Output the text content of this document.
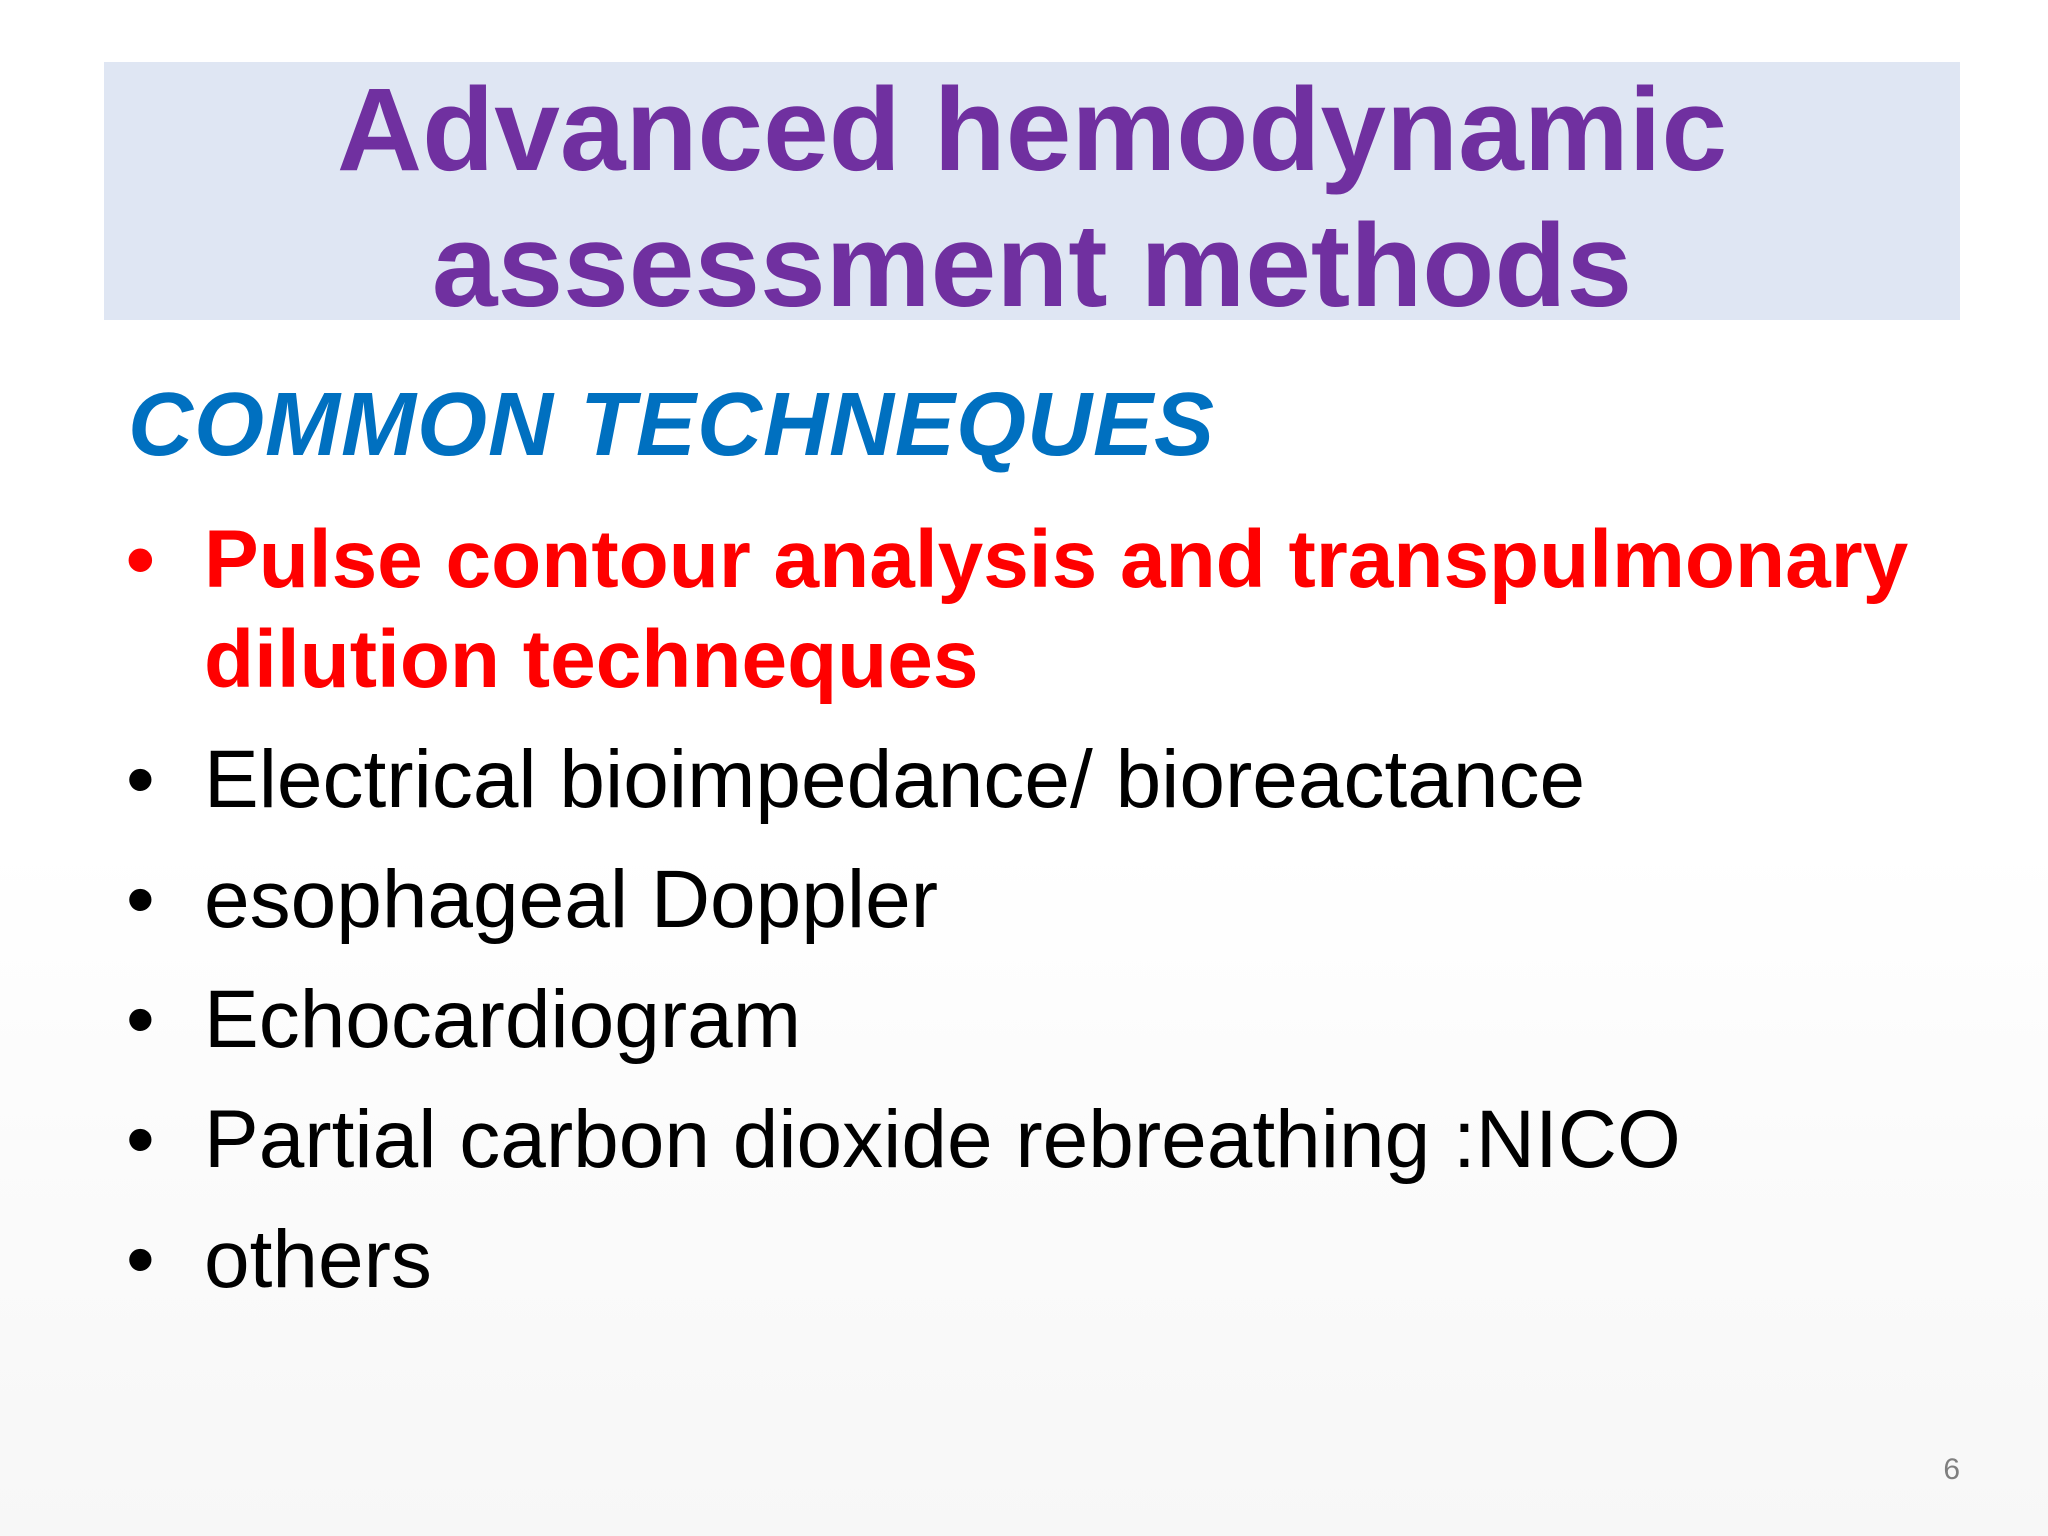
Advanced hemodynamic
assessment methods
COMMON TECHNEQUES
• Pulse contour analysis and transpulmonary dilution techneques
• Electrical bioimpedance/ bioreactance
• esophageal Doppler
• Echocardiogram
• Partial carbon dioxide rebreathing :NICO
• others
6
